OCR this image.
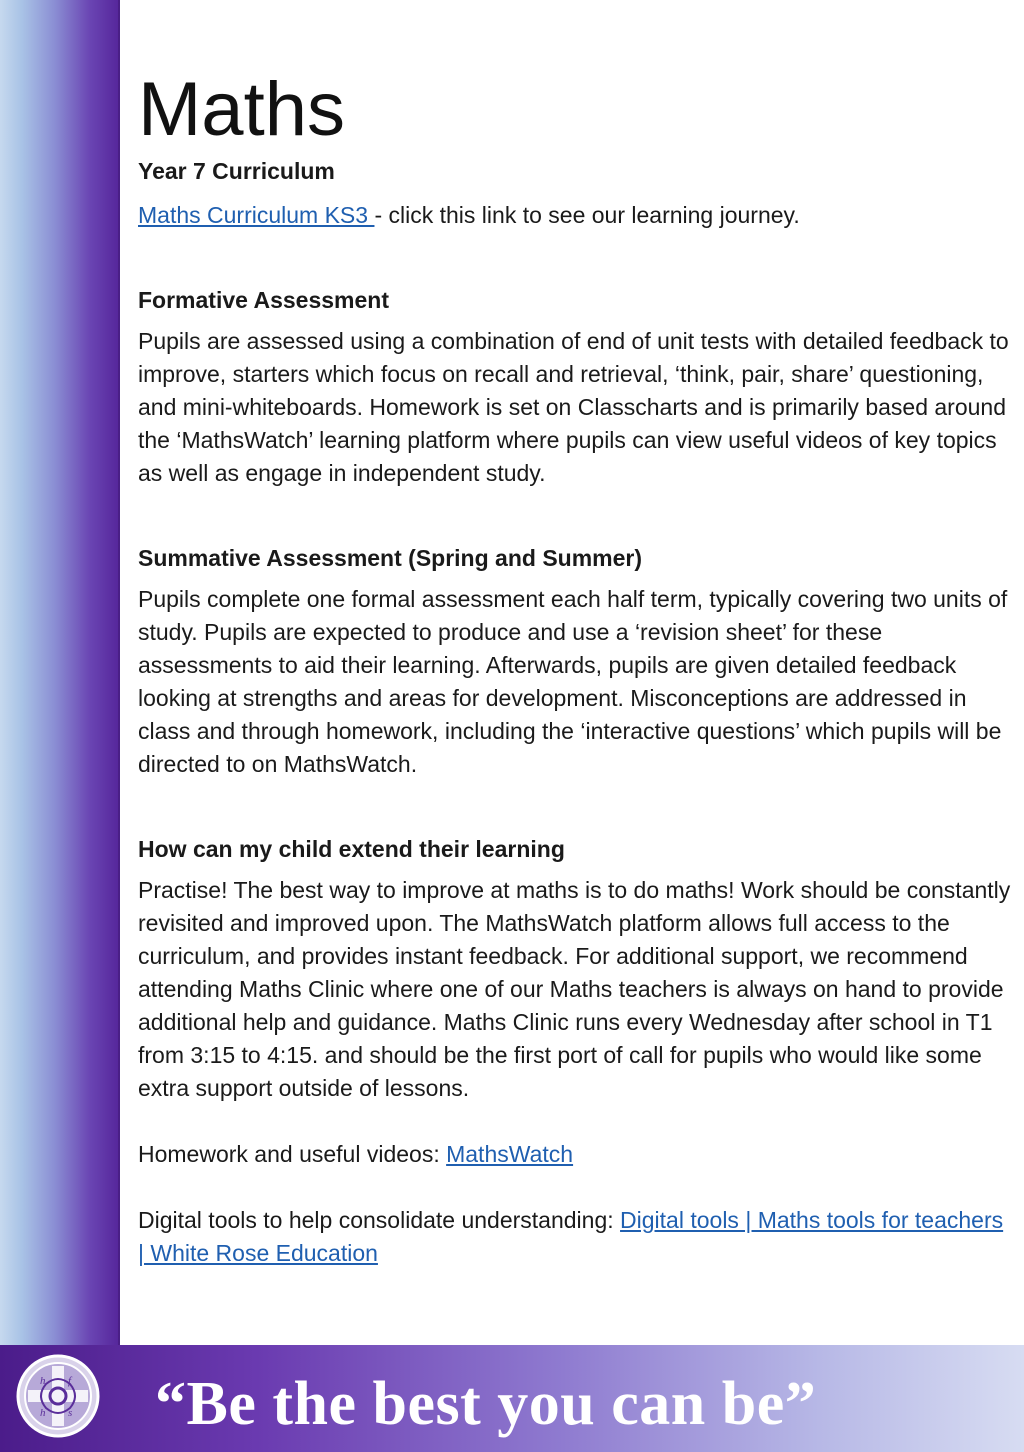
Maths
Year 7 Curriculum

Maths Curriculum KS3 - click this link to see our learning journey.

Formative Assessment

Pupils are assessed using a combination of end of unit tests with detailed feedback to improve, starters which focus on recall and retrieval, ‘think, pair, share’ questioning, and mini-whiteboards. Homework is set on Classcharts and is primarily based around the ‘MathsWatch’ learning platform where pupils can view useful videos of key topics as well as engage in independent study.

Summative Assessment (Spring and Summer)

Pupils complete one formal assessment each half term, typically covering two units of study. Pupils are expected to produce and use a ‘revision sheet’ for these assessments to aid their learning. Afterwards, pupils are given detailed feedback looking at strengths and areas for development. Misconceptions are addressed in class and through homework, including the ‘interactive questions’ which pupils will be directed to on MathsWatch.

How can my child extend their learning

Practise! The best way to improve at maths is to do maths! Work should be constantly revisited and improved upon. The MathsWatch platform allows full access to the curriculum, and provides instant feedback. For additional support, we recommend attending Maths Clinic where one of our Maths teachers is always on hand to provide additional help and guidance. Maths Clinic runs every Wednesday after school in T1 from 3:15 to 4:15. and should be the first port of call for pupils who would like some extra support outside of lessons.

Homework and useful videos: MathsWatch

Digital tools to help consolidate understanding: Digital tools | Maths tools for teachers | White Rose Education

h f
h s “Be the best you can be”
